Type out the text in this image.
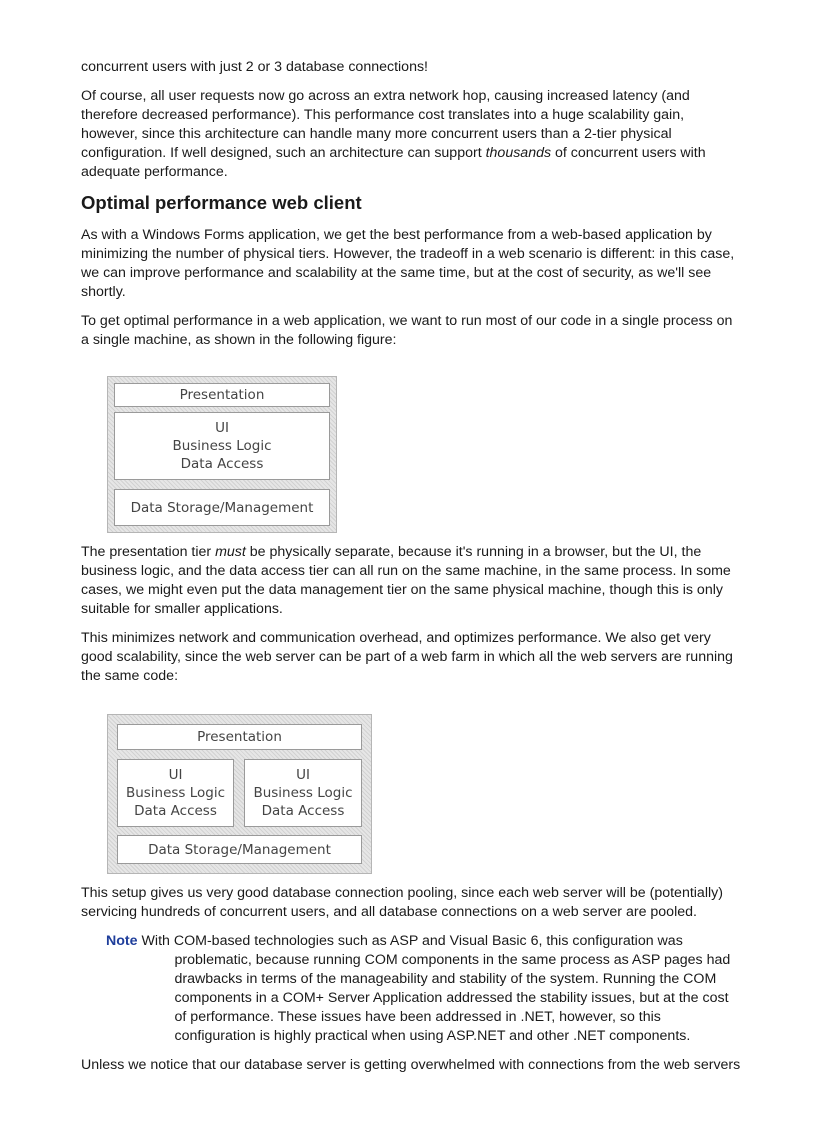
concurrent users with just 2 or 3 database connections!

Of course, all user requests now go across an extra network hop, causing increased latency (and therefore decreased performance). This performance cost translates into a huge scalability gain, however, since this architecture can handle many more concurrent users than a 2-tier physical configuration. If well designed, such an architecture can support thousands of concurrent users with adequate performance.

Optimal performance web client

As with a Windows Forms application, we get the best performance from a web-based application by minimizing the number of physical tiers. However, the tradeoff in a web scenario is different: in this case, we can improve performance and scalability at the same time, but at the cost of security, as we'll see shortly.

To get optimal performance in a web application, we want to run most of our code in a single process on a single machine, as shown in the following figure:

Presentation
UI
Business Logic
Data Access
Data Storage/Management

The presentation tier must be physically separate, because it's running in a browser, but the UI, the business logic, and the data access tier can all run on the same machine, in the same process. In some cases, we might even put the data management tier on the same physical machine, though this is only suitable for smaller applications.

This minimizes network and communication overhead, and optimizes performance. We also get very good scalability, since the web server can be part of a web farm in which all the web servers are running the same code:

Presentation
UI
Business Logic
Data Access
UI
Business Logic
Data Access
Data Storage/Management

This setup gives us very good database connection pooling, since each web server will be (potentially) servicing hundreds of concurrent users, and all database connections on a web server are pooled.

Note With COM-based technologies such as ASP and Visual Basic 6, this configuration was problematic, because running COM components in the same process as ASP pages had drawbacks in terms of the manageability and stability of the system. Running the COM components in a COM+ Server Application addressed the stability issues, but at the cost of performance. These issues have been addressed in .NET, however, so this configuration is highly practical when using ASP.NET and other .NET components.

Unless we notice that our database server is getting overwhelmed with connections from the web servers
